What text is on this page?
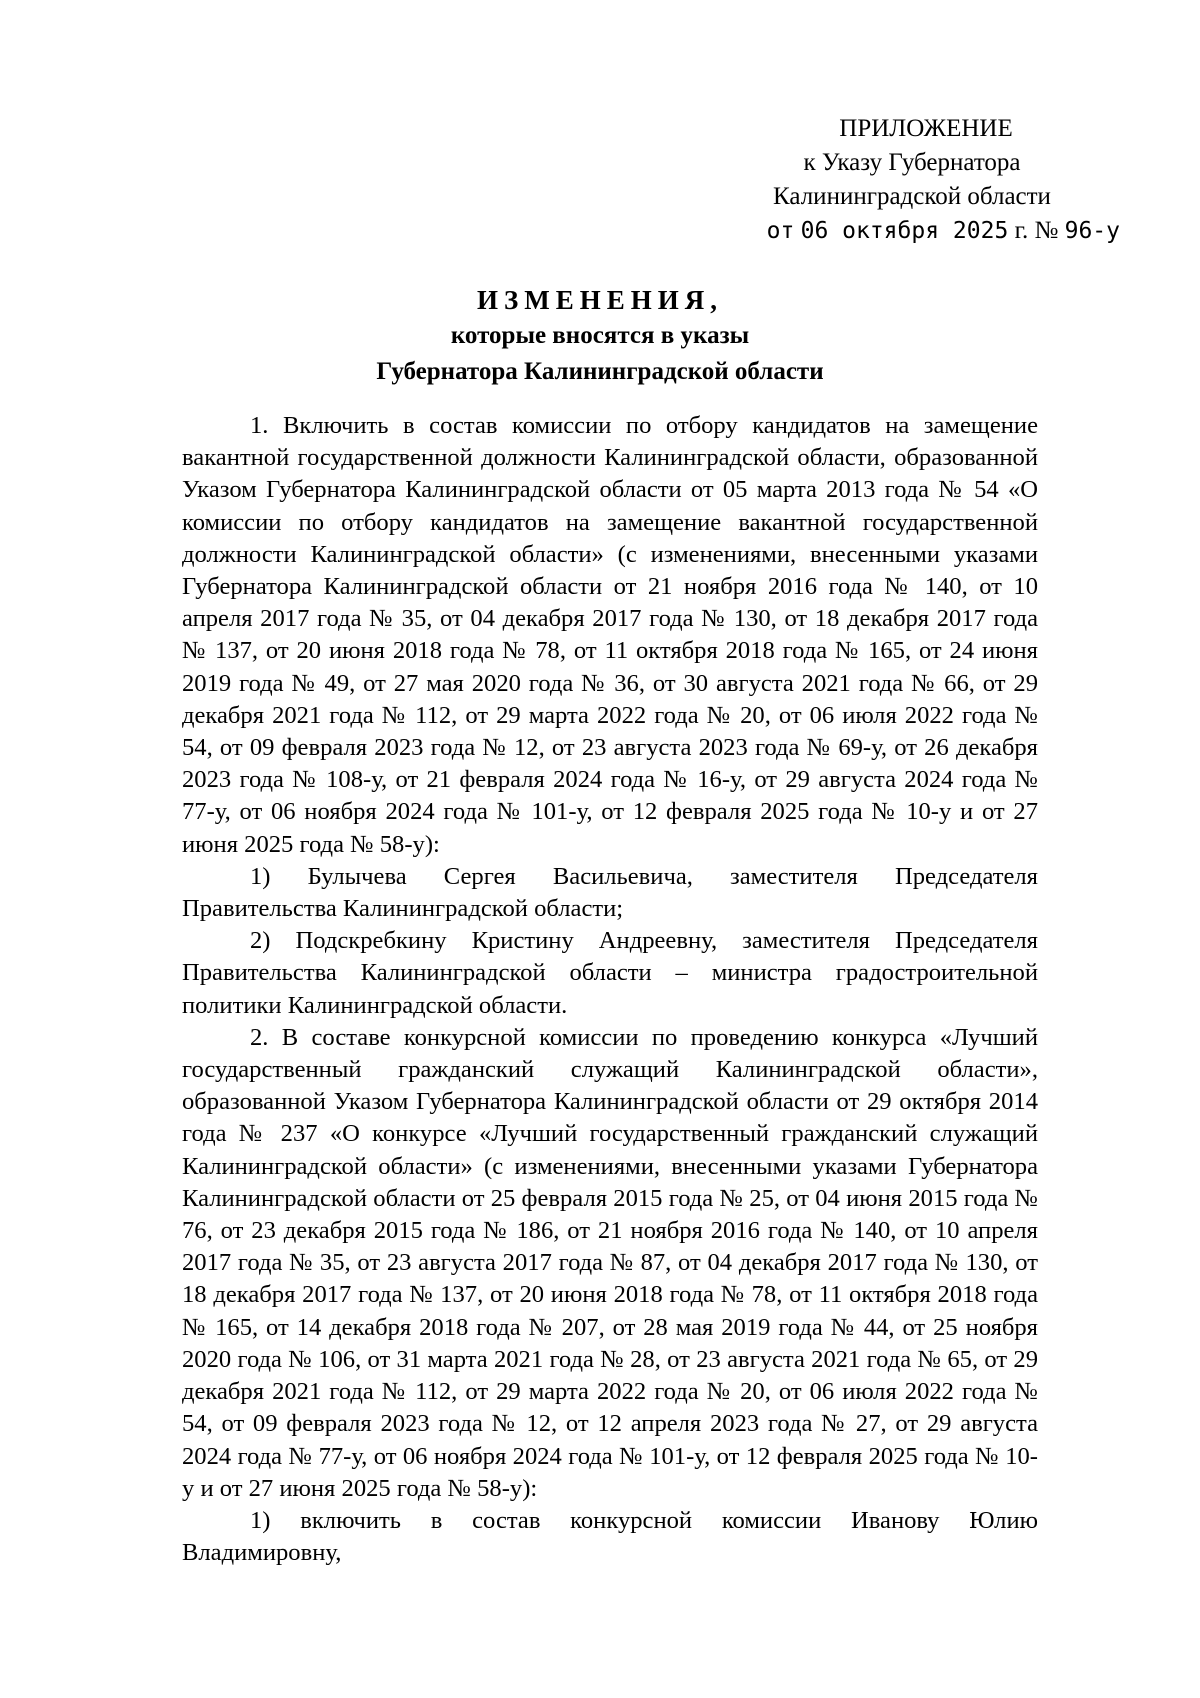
ПРИЛОЖЕНИЕ
к Указу Губернатора
Калининградской области
от 06 октября 2025 г. № 96-у
ИЗМЕНЕНИЯ,
которые вносятся в указы
Губернатора Калининградской области

1. Включить в состав комиссии по отбору кандидатов на замещение вакантной государственной должности Калининградской области, образованной Указом Губернатора Калининградской области от 05 марта 2013 года № 54 «О комиссии по отбору кандидатов на замещение вакантной государственной должности Калининградской области» (с изменениями, внесенными указами Губернатора Калининградской области от 21 ноября 2016 года № 140, от 10 апреля 2017 года № 35, от 04 декабря 2017 года № 130, от 18 декабря 2017 года № 137, от 20 июня 2018 года № 78, от 11 октября 2018 года № 165, от 24 июня 2019 года № 49, от 27 мая 2020 года № 36, от 30 августа 2021 года № 66, от 29 декабря 2021 года № 112, от 29 марта 2022 года № 20, от 06 июля 2022 года № 54, от 09 февраля 2023 года № 12, от 23 августа 2023 года № 69-у, от 26 декабря 2023 года № 108-у, от 21 февраля 2024 года № 16-у, от 29 августа 2024 года № 77-у, от 06 ноября 2024 года № 101-у, от 12 февраля 2025 года № 10-у и от 27 июня 2025 года № 58-у):

1) Булычева Сергея Васильевича, заместителя Председателя Правительства Калининградской области;

2) Подскребкину Кристину Андреевну, заместителя Председателя Правительства Калининградской области – министра градостроительной политики Калининградской области.

2. В составе конкурсной комиссии по проведению конкурса «Лучший государственный гражданский служащий Калининградской области», образованной Указом Губернатора Калининградской области от 29 октября 2014 года № 237 «О конкурсе «Лучший государственный гражданский служащий Калининградской области» (с изменениями, внесенными указами Губернатора Калининградской области от 25 февраля 2015 года № 25, от 04 июня 2015 года № 76, от 23 декабря 2015 года № 186, от 21 ноября 2016 года № 140, от 10 апреля 2017 года № 35, от 23 августа 2017 года № 87, от 04 декабря 2017 года № 130, от 18 декабря 2017 года № 137, от 20 июня 2018 года № 78, от 11 октября 2018 года № 165, от 14 декабря 2018 года № 207, от 28 мая 2019 года № 44, от 25 ноября 2020 года № 106, от 31 марта 2021 года № 28, от 23 августа 2021 года № 65, от 29 декабря 2021 года № 112, от 29 марта 2022 года № 20, от 06 июля 2022 года № 54, от 09 февраля 2023 года № 12, от 12 апреля 2023 года № 27, от 29 августа 2024 года № 77-у, от 06 ноября 2024 года № 101-у, от 12 февраля 2025 года № 10-у и от 27 июня 2025 года № 58-у):

1) включить в состав конкурсной комиссии Иванову Юлию Владимировну,
